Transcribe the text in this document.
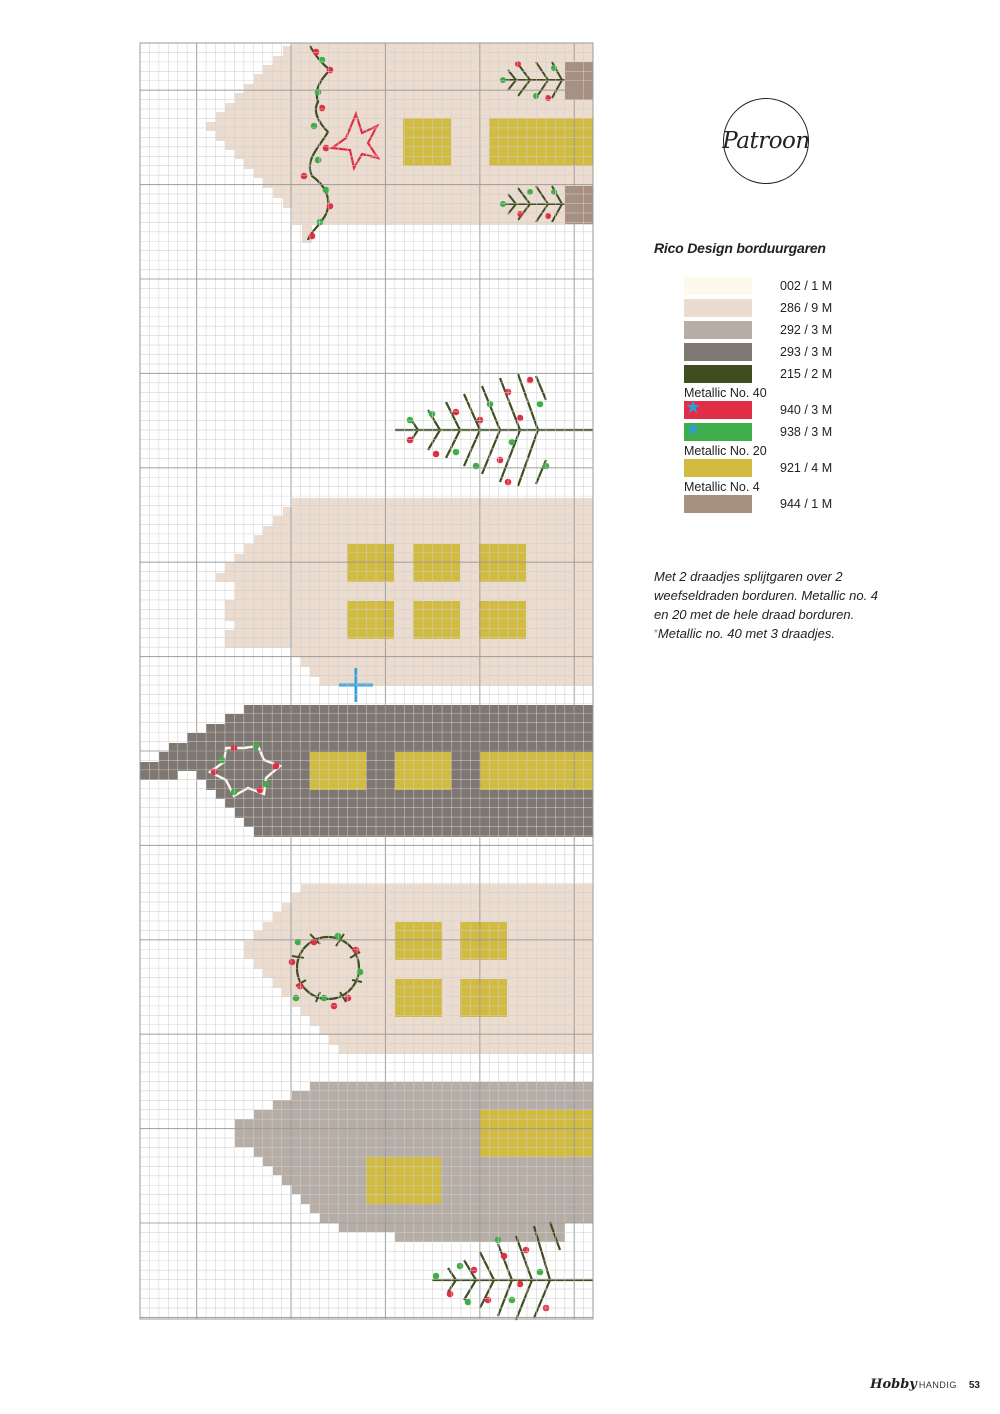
Patroon
Rico Design borduurgaren
002 / 1 M
286 / 9 M
292 / 3 M
293 / 3 M
215 / 2 M
Metallic No. 40
★	940 / 3 M
★	938 / 3 M
Metallic No. 20
921 / 4 M
Metallic No. 4
944 / 1 M

Met 2 draadjes splijtgaren over 2

weefseldraden borduren. Metallic no. 4

en 20 met de hele draad borduren.

*Metallic no. 40 met 3 draadjes.

Hobby HANDIG 53
